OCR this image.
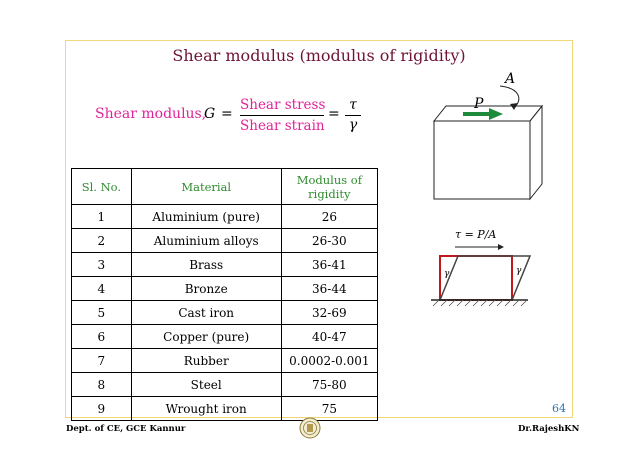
Shear modulus (modulus of rigidity)
Shear modulus,
G =
Shear stress
Shear strain
=
τ
γ
Sl. No.	Material	Modulus of rigidity
1	Aluminium (pure)	26
2	Aluminium alloys	26-30
3	Brass	36-41
4	Bronze	36-44
5	Cast iron	32-69
6	Copper (pure)	40-47
7	Rubber	0.0002-0.001
8	Steel	75-80
9	Wrought iron	75
A
P
τ = P/A
γ	γ
64
Dept. of CE, GCE Kannur	Dr.RajeshKN
